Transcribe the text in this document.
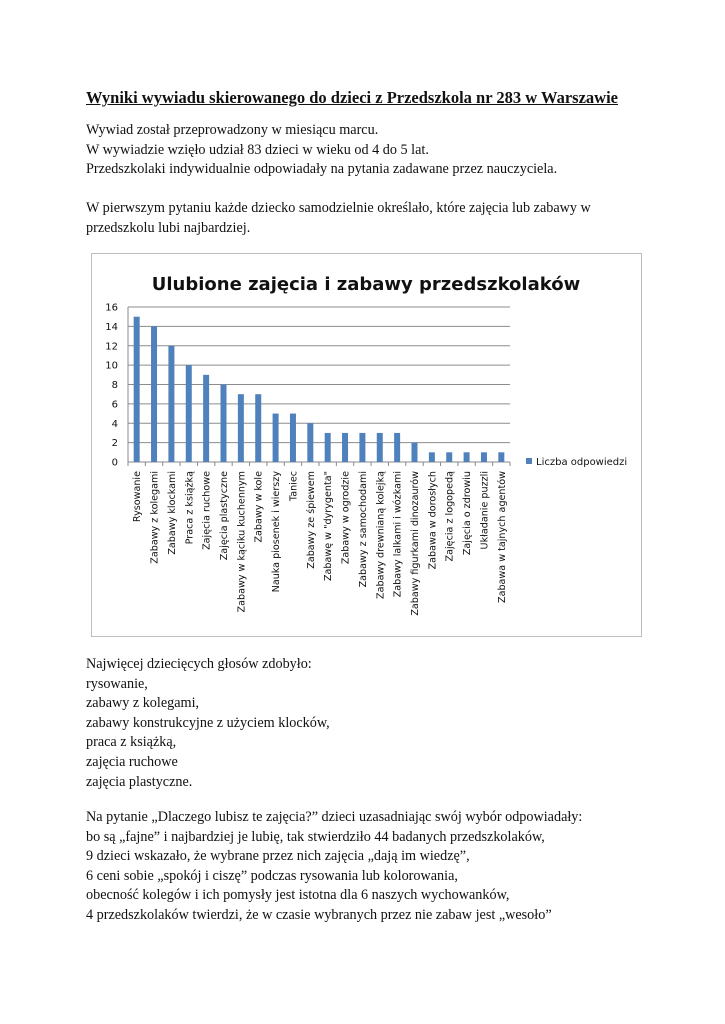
Wyniki wywiadu skierowanego do dzieci z Przedszkola nr 283 w Warszawie
Wywiad został przeprowadzony w miesiącu marcu.
W wywiadzie wzięło udział 83 dzieci w wieku od 4 do 5 lat.
Przedszkolaki indywidualnie odpowiadały na pytania zadawane przez nauczyciela.
W pierwszym pytaniu każde dziecko samodzielnie określało, które zajęcia lub zabawy w
przedszkolu lubi najbardziej.
Ulubione zajęcia i zabawy przedszkolaków
0
2
4
6
8
10
12
14
16
Rysowanie Zabawy z kolegami Zabawy klockami Praca z książką Zajęcia ruchowe Zajęcia plastyczne Zabawy w kąciku kuchennym Zabawy w kole Nauka piosenek i wierszy Taniec Zabawy ze śpiewem Zabawę w "dyrygenta" Zabawy w ogrodzie Zabawy z samochodami Zabawy drewnianą kolejką Zabawy lalkami i wózkami Zabawy figurkami dinozaurów Zabawa w dorosłych Zajęcia z logopedą Zajęcia o zdrowiu Układanie puzzli Zabawa w tajnych agentów
Liczba odpowiedzi
Najwięcej dziecięcych głosów zdobyło:
rysowanie,
zabawy z kolegami,
zabawy konstrukcyjne z użyciem klocków,
praca z książką,
zajęcia ruchowe
zajęcia plastyczne.
Na pytanie „Dlaczego lubisz te zajęcia?” dzieci uzasadniając swój wybór odpowiadały:
bo są „fajne” i najbardziej je lubię, tak stwierdziło 44 badanych przedszkolaków,
9 dzieci wskazało, że wybrane przez nich zajęcia „dają im wiedzę”,
6 ceni sobie „spokój i ciszę” podczas rysowania lub kolorowania,
obecność kolegów i ich pomysły jest istotna dla 6 naszych wychowanków,
4 przedszkolaków twierdzi, że w czasie wybranych przez nie zabaw jest „wesoło”
